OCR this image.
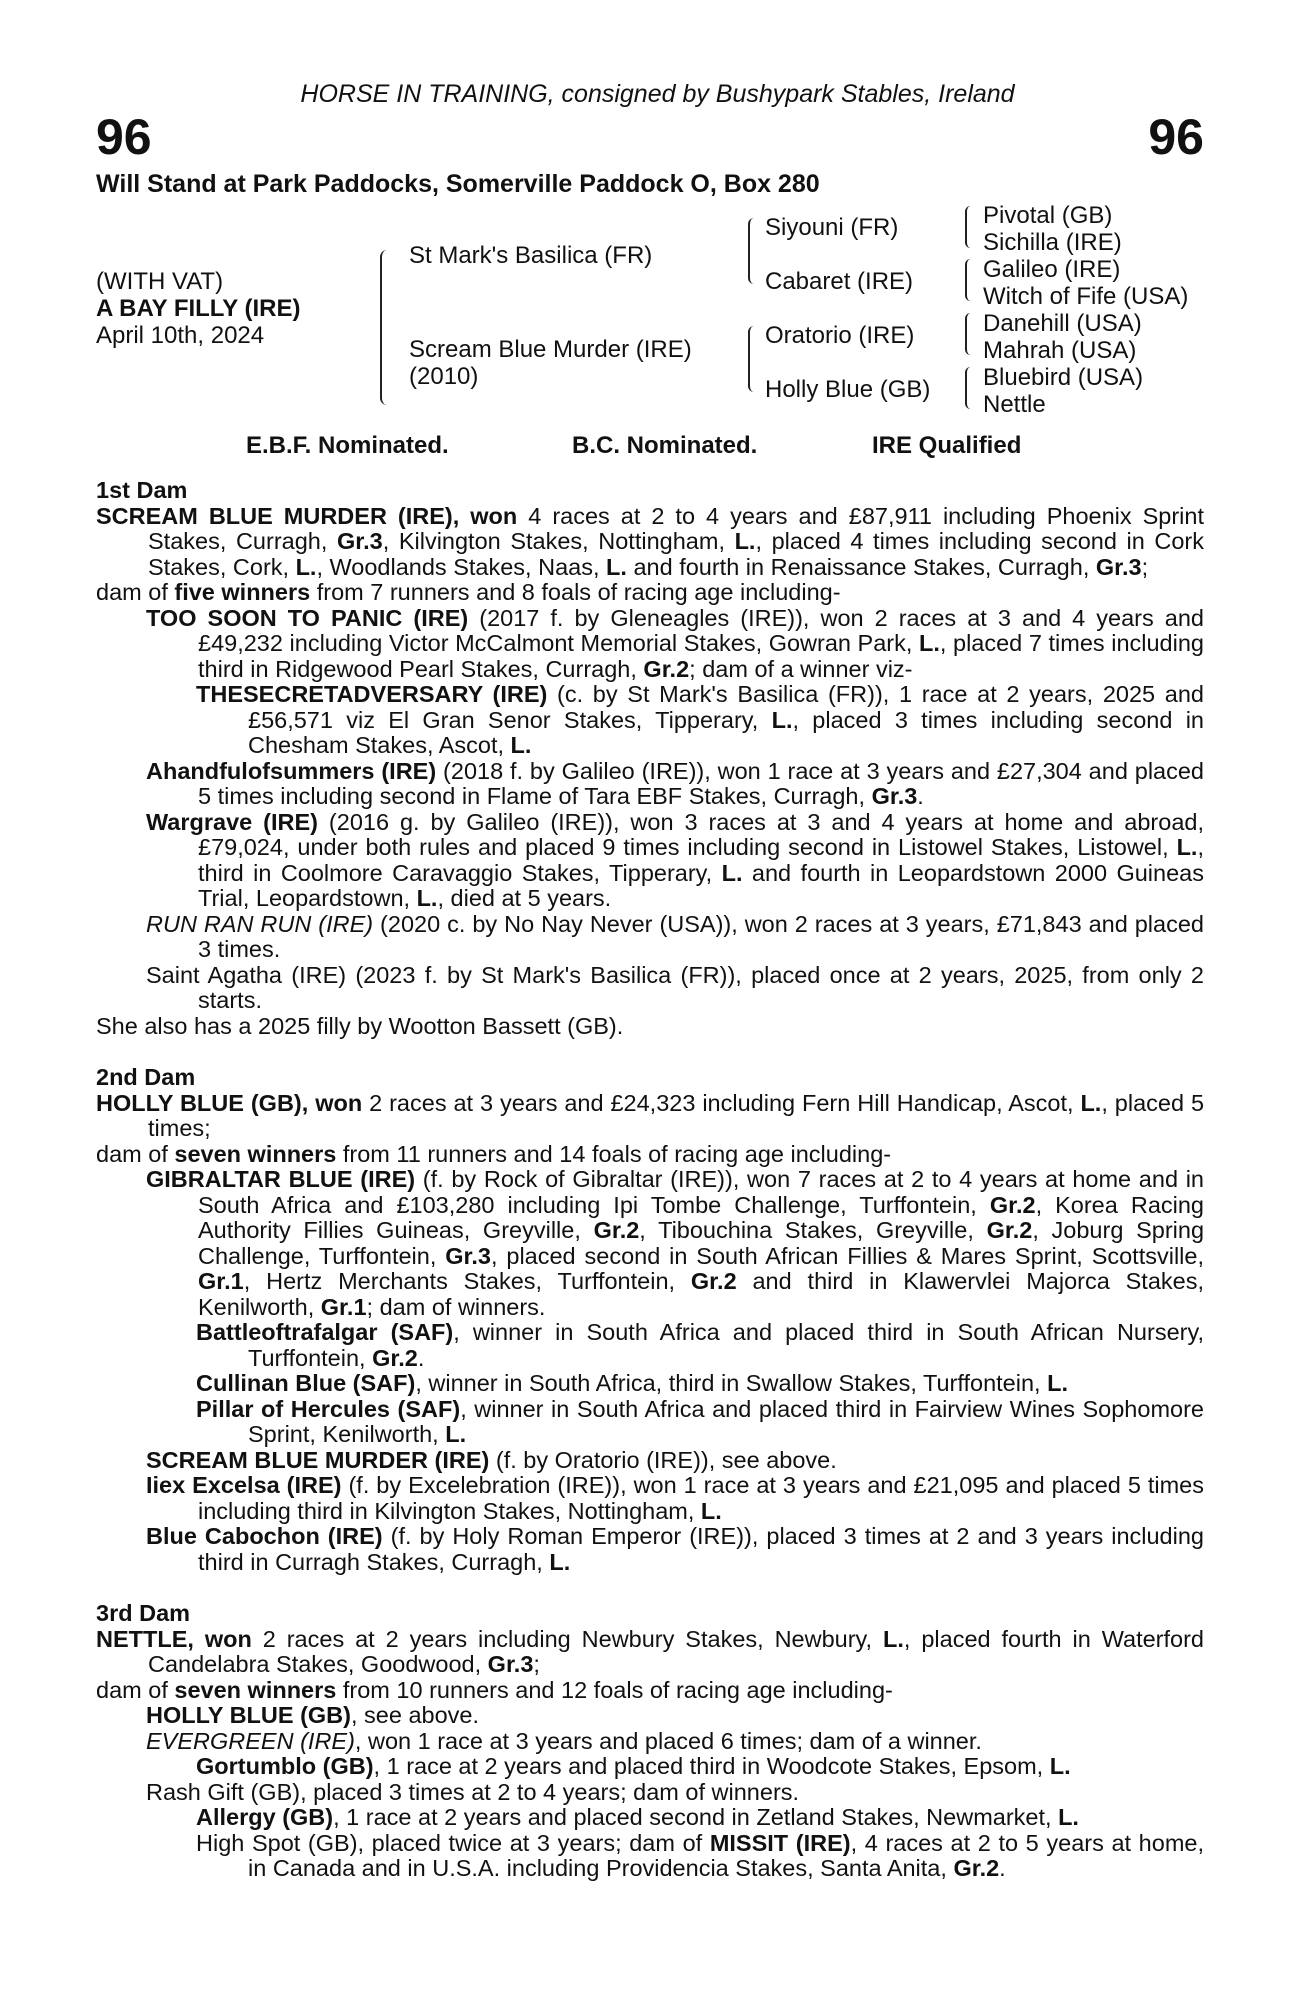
HORSE IN TRAINING, consigned by Bushypark Stables, Ireland
96	96
Will Stand at Park Paddocks, Somerville Paddock O, Box 280
(WITH VAT)
A BAY FILLY (IRE)
April 10th, 2024
St Mark's Basilica (FR)
Scream Blue Murder (IRE)
(2010)
Siyouni (FR)
Cabaret (IRE)
Oratorio (IRE)
Holly Blue (GB)
Pivotal (GB)
Sichilla (IRE)
Galileo (IRE)
Witch of Fife (USA)
Danehill (USA)
Mahrah (USA)
Bluebird (USA)
Nettle
E.B.F. Nominated.	B.C. Nominated.	IRE Qualified

1st Dam

SCREAM BLUE MURDER (IRE), won 4 races at 2 to 4 years and £87,911 including Phoenix Sprint Stakes, Curragh, Gr.3, Kilvington Stakes, Nottingham, L., placed 4 times including second in Cork Stakes, Cork, L., Woodlands Stakes, Naas, L. and fourth in Renaissance Stakes, Curragh, Gr.3;

dam of five winners from 7 runners and 8 foals of racing age including-

TOO SOON TO PANIC (IRE) (2017 f. by Gleneagles (IRE)), won 2 races at 3 and 4 years and £49,232 including Victor McCalmont Memorial Stakes, Gowran Park, L., placed 7 times including third in Ridgewood Pearl Stakes, Curragh, Gr.2; dam of a winner viz-

THESECRETADVERSARY (IRE) (c. by St Mark's Basilica (FR)), 1 race at 2 years, 2025 and £56,571 viz El Gran Senor Stakes, Tipperary, L., placed 3 times including second in Chesham Stakes, Ascot, L.

Ahandfulofsummers (IRE) (2018 f. by Galileo (IRE)), won 1 race at 3 years and £27,304 and placed 5 times including second in Flame of Tara EBF Stakes, Curragh, Gr.3.

Wargrave (IRE) (2016 g. by Galileo (IRE)), won 3 races at 3 and 4 years at home and abroad, £79,024, under both rules and placed 9 times including second in Listowel Stakes, Listowel, L., third in Coolmore Caravaggio Stakes, Tipperary, L. and fourth in Leopardstown 2000 Guineas Trial, Leopardstown, L., died at 5 years.

RUN RAN RUN (IRE) (2020 c. by No Nay Never (USA)), won 2 races at 3 years, £71,843 and placed 3 times.

Saint Agatha (IRE) (2023 f. by St Mark's Basilica (FR)), placed once at 2 years, 2025, from only 2 starts.

She also has a 2025 filly by Wootton Bassett (GB).

2nd Dam

HOLLY BLUE (GB), won 2 races at 3 years and £24,323 including Fern Hill Handicap, Ascot, L., placed 5 times;

dam of seven winners from 11 runners and 14 foals of racing age including-

GIBRALTAR BLUE (IRE) (f. by Rock of Gibraltar (IRE)), won 7 races at 2 to 4 years at home and in South Africa and £103,280 including Ipi Tombe Challenge, Turffontein, Gr.2, Korea Racing Authority Fillies Guineas, Greyville, Gr.2, Tibouchina Stakes, Greyville, Gr.2, Joburg Spring Challenge, Turffontein, Gr.3, placed second in South African Fillies & Mares Sprint, Scottsville, Gr.1, Hertz Merchants Stakes, Turffontein, Gr.2 and third in Klawervlei Majorca Stakes, Kenilworth, Gr.1; dam of winners.

Battleoftrafalgar (SAF), winner in South Africa and placed third in South African Nursery, Turffontein, Gr.2.

Cullinan Blue (SAF), winner in South Africa, third in Swallow Stakes, Turffontein, L.

Pillar of Hercules (SAF), winner in South Africa and placed third in Fairview Wines Sophomore Sprint, Kenilworth, L.

SCREAM BLUE MURDER (IRE) (f. by Oratorio (IRE)), see above.

Iiex Excelsa (IRE) (f. by Excelebration (IRE)), won 1 race at 3 years and £21,095 and placed 5 times including third in Kilvington Stakes, Nottingham, L.

Blue Cabochon (IRE) (f. by Holy Roman Emperor (IRE)), placed 3 times at 2 and 3 years including third in Curragh Stakes, Curragh, L.

3rd Dam

NETTLE, won 2 races at 2 years including Newbury Stakes, Newbury, L., placed fourth in Waterford Candelabra Stakes, Goodwood, Gr.3;

dam of seven winners from 10 runners and 12 foals of racing age including-

HOLLY BLUE (GB), see above.

EVERGREEN (IRE), won 1 race at 3 years and placed 6 times; dam of a winner.

Gortumblo (GB), 1 race at 2 years and placed third in Woodcote Stakes, Epsom, L.

Rash Gift (GB), placed 3 times at 2 to 4 years; dam of winners.

Allergy (GB), 1 race at 2 years and placed second in Zetland Stakes, Newmarket, L.

High Spot (GB), placed twice at 3 years; dam of MISSIT (IRE), 4 races at 2 to 5 years at home, in Canada and in U.S.A. including Providencia Stakes, Santa Anita, Gr.2.
